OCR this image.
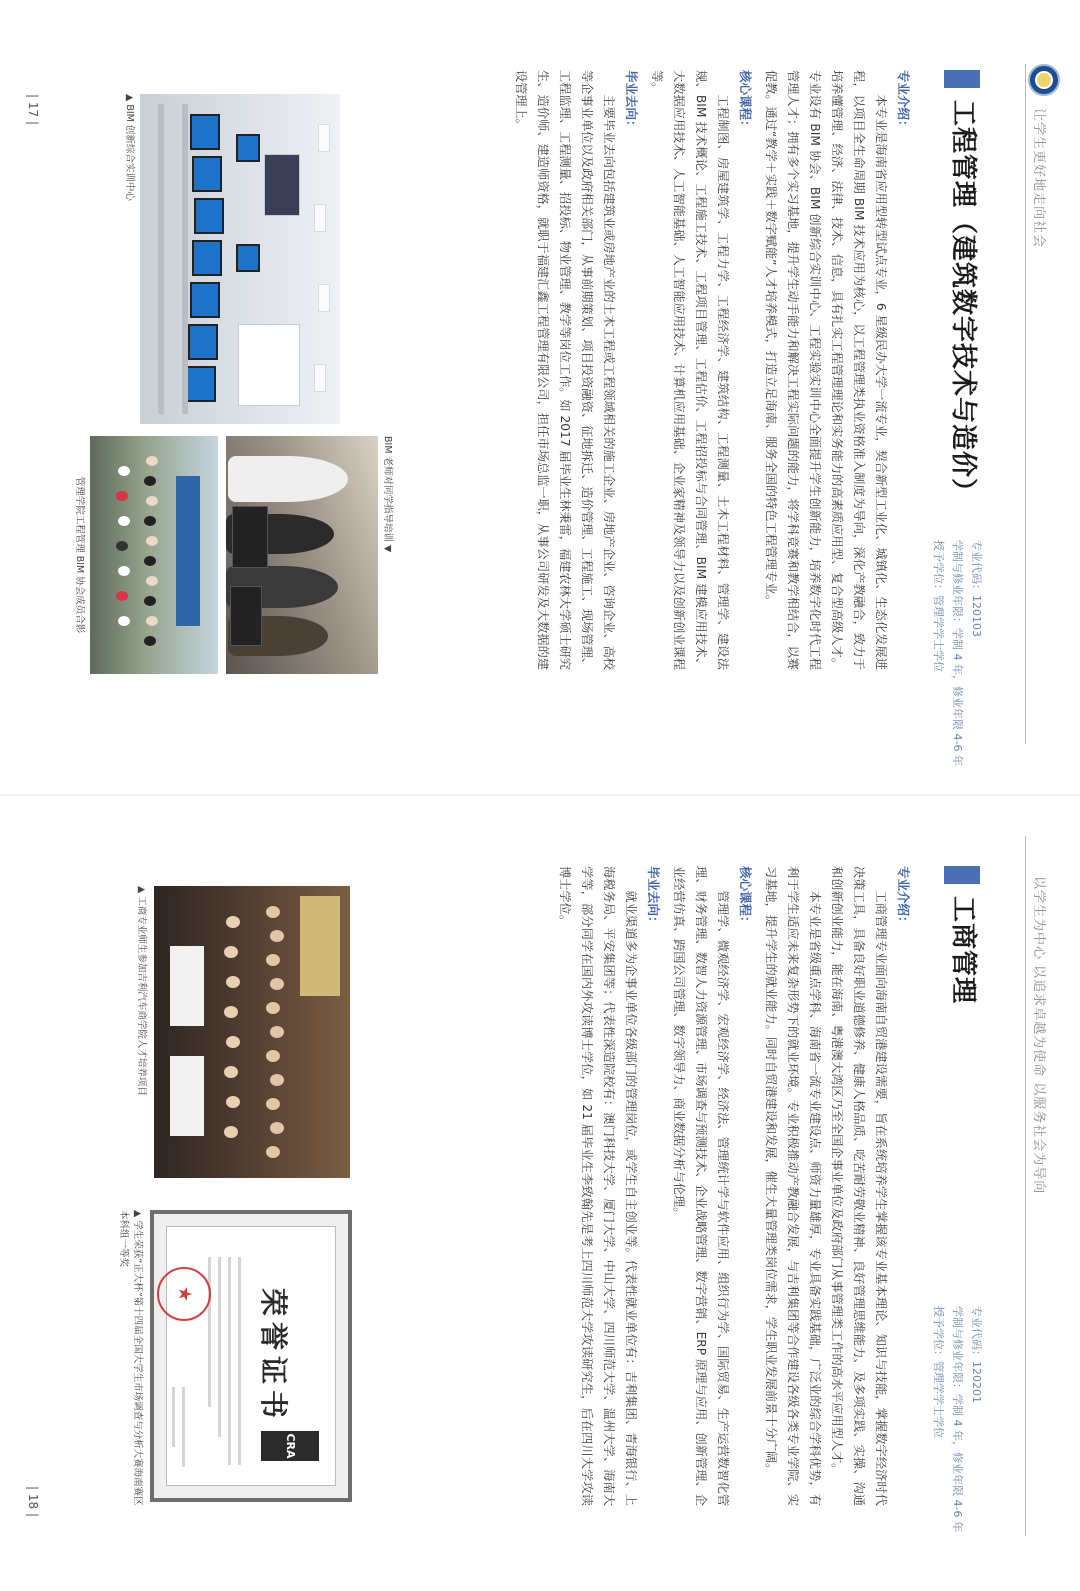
让学生更好地走向社会
工程管理（建筑数字技术与造价）
专业代码：120103
学制与修业年限：学制 4 年，修业年限 4-6 年
授予学位：管理学学士学位
专业介绍：

本专业是海南省应用型转型试点专业，6 星级民办大学一流专业，契合新型工业化、城镇化、生态化发展进程，以项目全生命周期 BIM 技术应用为核心，以工程管理类执业资格准入制度为导向，深化产教融合，致力于培养懂管理、经济、法律、技术、信息，具有扎实工程管理理论和实务能力的高素质应用型、复合型高级人才。专业设有 BIM 协会、BIM 创新综合实训中心、工程实验实训中心全面提升学生创新能力，培养数字化时代工程管理人才；拥有多个实习基地，提升学生动手能力和解决工程实际问题的能力，将学科竞赛和教学相结合，以赛促教。通过“教学＋实践＋数字赋能”人才培养模式，打造立足海南、服务全国的特色工程管理专业。

核心课程：

工程制图、房屋建筑学、工程力学、工程经济学、建筑结构、工程测量、土木工程材料、管理学、建设法规、BIM 技术概论、工程施工技术、工程项目管理、工程估价、工程招投标与合同管理、BIM 建模应用技术、大数据应用技术、人工智能基础、人工智能应用技术、计算机应用基础、企业家精神及领导力以及创新创业课程等。

毕业去向：

主要毕业去向包括建筑业或房地产业的土木工程或工程领域相关的施工企业、房地产企业、咨询企业、高校等企事业单位以及政府相关部门，从事前期策划、项目投资融资、征地拆迁、造价管理、工程施工、现场管理、工程监理、工程测量、招投标、物业管理、教学等岗位工作。如 2017 届毕业生林秉雷，福建农林大学硕士研究生、造价师、建造师资格，就职于福建汇鑫工程管理有限公司，担任市场总监一职，从事公司研发及大数据的建设管理上。

▲ BIM 创新综合实训中心
BIM 老师对同学指导培训 ▼
管理学院工程管理 BIM 协会成员合影
| 17 |
以学生为中心 以追求卓越为使命 以服务社会为导向
工商管理
专业代码：120201
学制与修业年限：学制 4 年，修业年限 4-6 年
授予学位：管理学学士学位
专业介绍：

工商管理专业面向海南自贸港建设需要，旨在系统培养学生掌握该专业基本理论、知识与技能，掌握数字经济时代决策工具，具备良好职业道德修养、健康人格品质、吃苦耐劳敬业精神、良好管理思维能力、及多项实践、实操、沟通和创新创业能力，能在海南、粤港澳大湾区乃至全国企事业单位及政府部门从事管理类工作的高水平应用型人才。

本专业是省级重点学科、海南省一流专业建设点、师资力量雄厚，专业具备实践基础，广泛业的综合学科优势，有利于学生适应未来复杂形势下的就业环境。专业积极推动产教融合发展，与吉利集团等合作建设各级各类专业学院、实习基地，提升学生的就业能力。同时自贸港建设和发展，催生大量管理类岗位需求，学生职业发展前景十分广阔。

核心课程：

管理学、微观经济学、宏观经济学、经济法、管理统计学与软件应用、组织行为学、国际贸易、生产运营数智化管理、财务管理、数智人力资源管理、市场调查与预测技术、企业战略管理、数字营销、ERP 原理与应用、创新管理、企业经营仿真、跨国公司管理、数字领导力、商业数据分析与伦理。

毕业去向：

就业渠道多为企事业单位各级部门的管理岗位，或学生自主创业等。代表性就业单位有：吉利集团、青海银行、上海税务局、平安集团等；代表性深造院校有：澳门科技大学、厦门大学、中山大学、四川师范大学、温州大学、海南大学等，部分同学在国内外攻读博士学位，如 21 届毕业生李致翰先是考上四川师范大学攻读研究生，后在四川大学攻读博士学位。

▲ 工商专业师生参加吉利汽车商学院人才培养项目
CRA
荣誉证书
★
▲ 学生荣获“正大杯”第十四届全国大学生市场调查与分析大赛海南赛区本科组一等奖
| 18 |
